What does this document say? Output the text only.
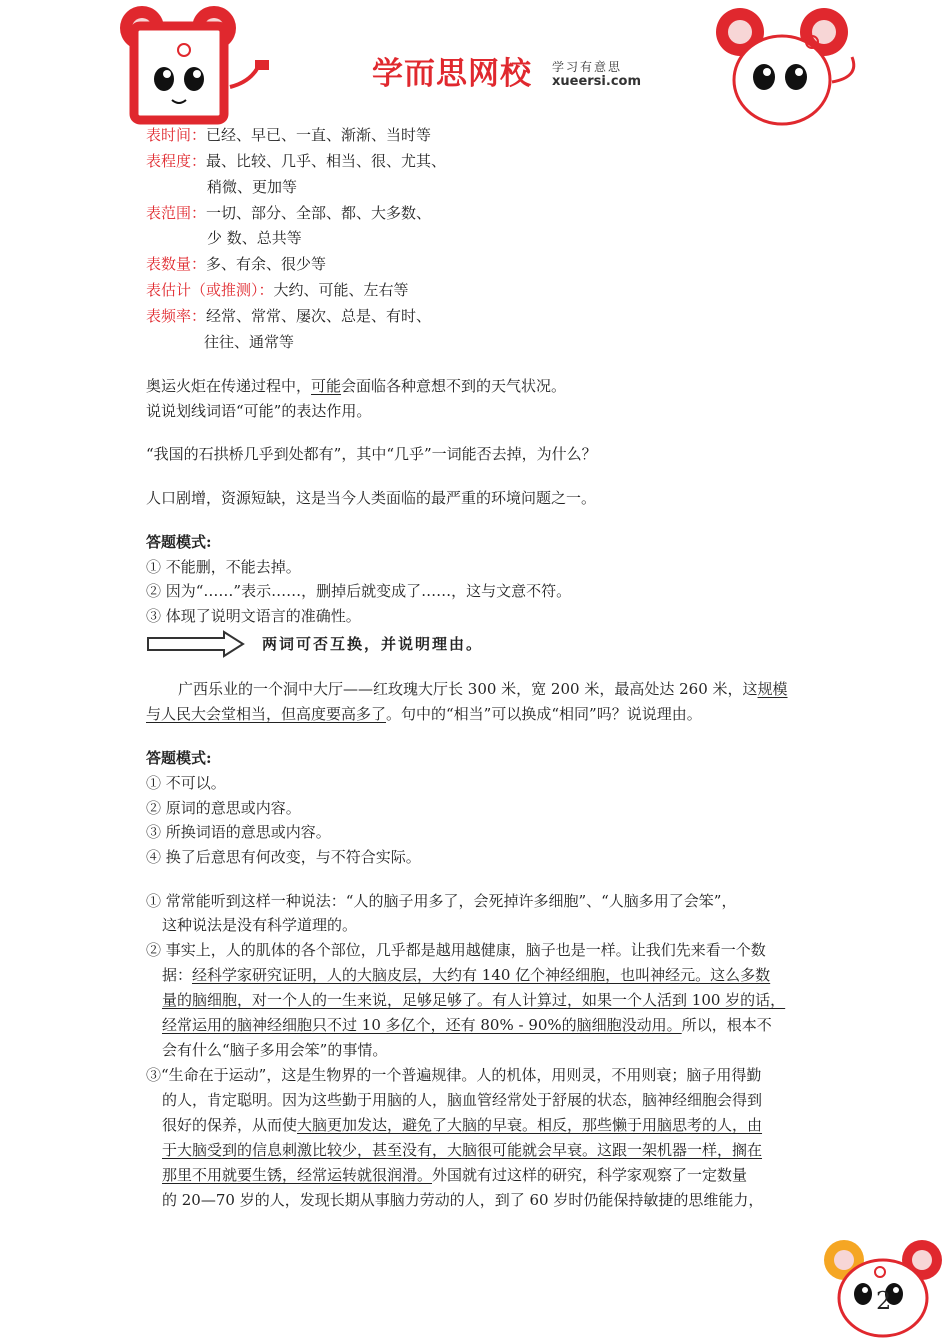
学而思网校 学习有意思
xueersi.com
表时间：已经、早已、一直、渐渐、当时等
表程度：最、比较、几乎、相当、很、尤其、
稍微、更加等
表范围：一切、部分、全部、都、大多数、
少 数、总共等
表数量：多、有余、很少等
表估计（或推测）：大约、可能、左右等
表频率：经常、常常、屡次、总是、有时、
往往、通常等
奥运火炬在传递过程中，可能会面临各种意想不到的天气状况。
说说划线词语“可能”的表达作用。
“我国的石拱桥几乎到处都有”，其中“几乎”一词能否去掉，为什么？
人口剧增，资源短缺，这是当今人类面临的最严重的环境问题之一。
答题模式:
① 不能删，不能去掉。
② 因为“……”表示……，删掉后就变成了……，这与文意不符。
③ 体现了说明文语言的准确性。
两词可否互换，并说明理由。
广西乐业的一个洞中大厅——红玫瑰大厅长 300 米，宽 200 米，最高处达 260 米，这规模
与人民大会堂相当，但高度要高多了。句中的“相当”可以换成“相同”吗？说说理由。
答题模式:
① 不可以。
② 原词的意思或内容。
③ 所换词语的意思或内容。
④ 换了后意思有何改变，与不符合实际。
① 常常能听到这样一种说法：“人的脑子用多了，会死掉许多细胞”、“人脑多用了会笨”，
这种说法是没有科学道理的。
② 事实上，人的肌体的各个部位，几乎都是越用越健康，脑子也是一样。让我们先来看一个数
据：经科学家研究证明，人的大脑皮层，大约有 140 亿个神经细胞，也叫神经元。这么多数
量的脑细胞，对一个人的一生来说，足够足够了。有人计算过，如果一个人活到 100 岁的话，
经常运用的脑神经细胞只不过 10 多亿个，还有 80% - 90%的脑细胞没动用。所以，根本不
会有什么“脑子多用会笨”的事情。
③“生命在于运动”，这是生物界的一个普遍规律。人的机体，用则灵，不用则衰；脑子用得勤
的人，肯定聪明。因为这些勤于用脑的人，脑血管经常处于舒展的状态，脑神经细胞会得到
很好的保养，从而使大脑更加发达，避免了大脑的早衰。相反，那些懒于用脑思考的人，由
于大脑受到的信息刺激比较少，甚至没有，大脑很可能就会早衰。这跟一架机器一样，搁在
那里不用就要生锈，经常运转就很润滑。外国就有过这样的研究，科学家观察了一定数量
的 20—70 岁的人，发现长期从事脑力劳动的人，到了 60 岁时仍能保持敏捷的思维能力，
2
